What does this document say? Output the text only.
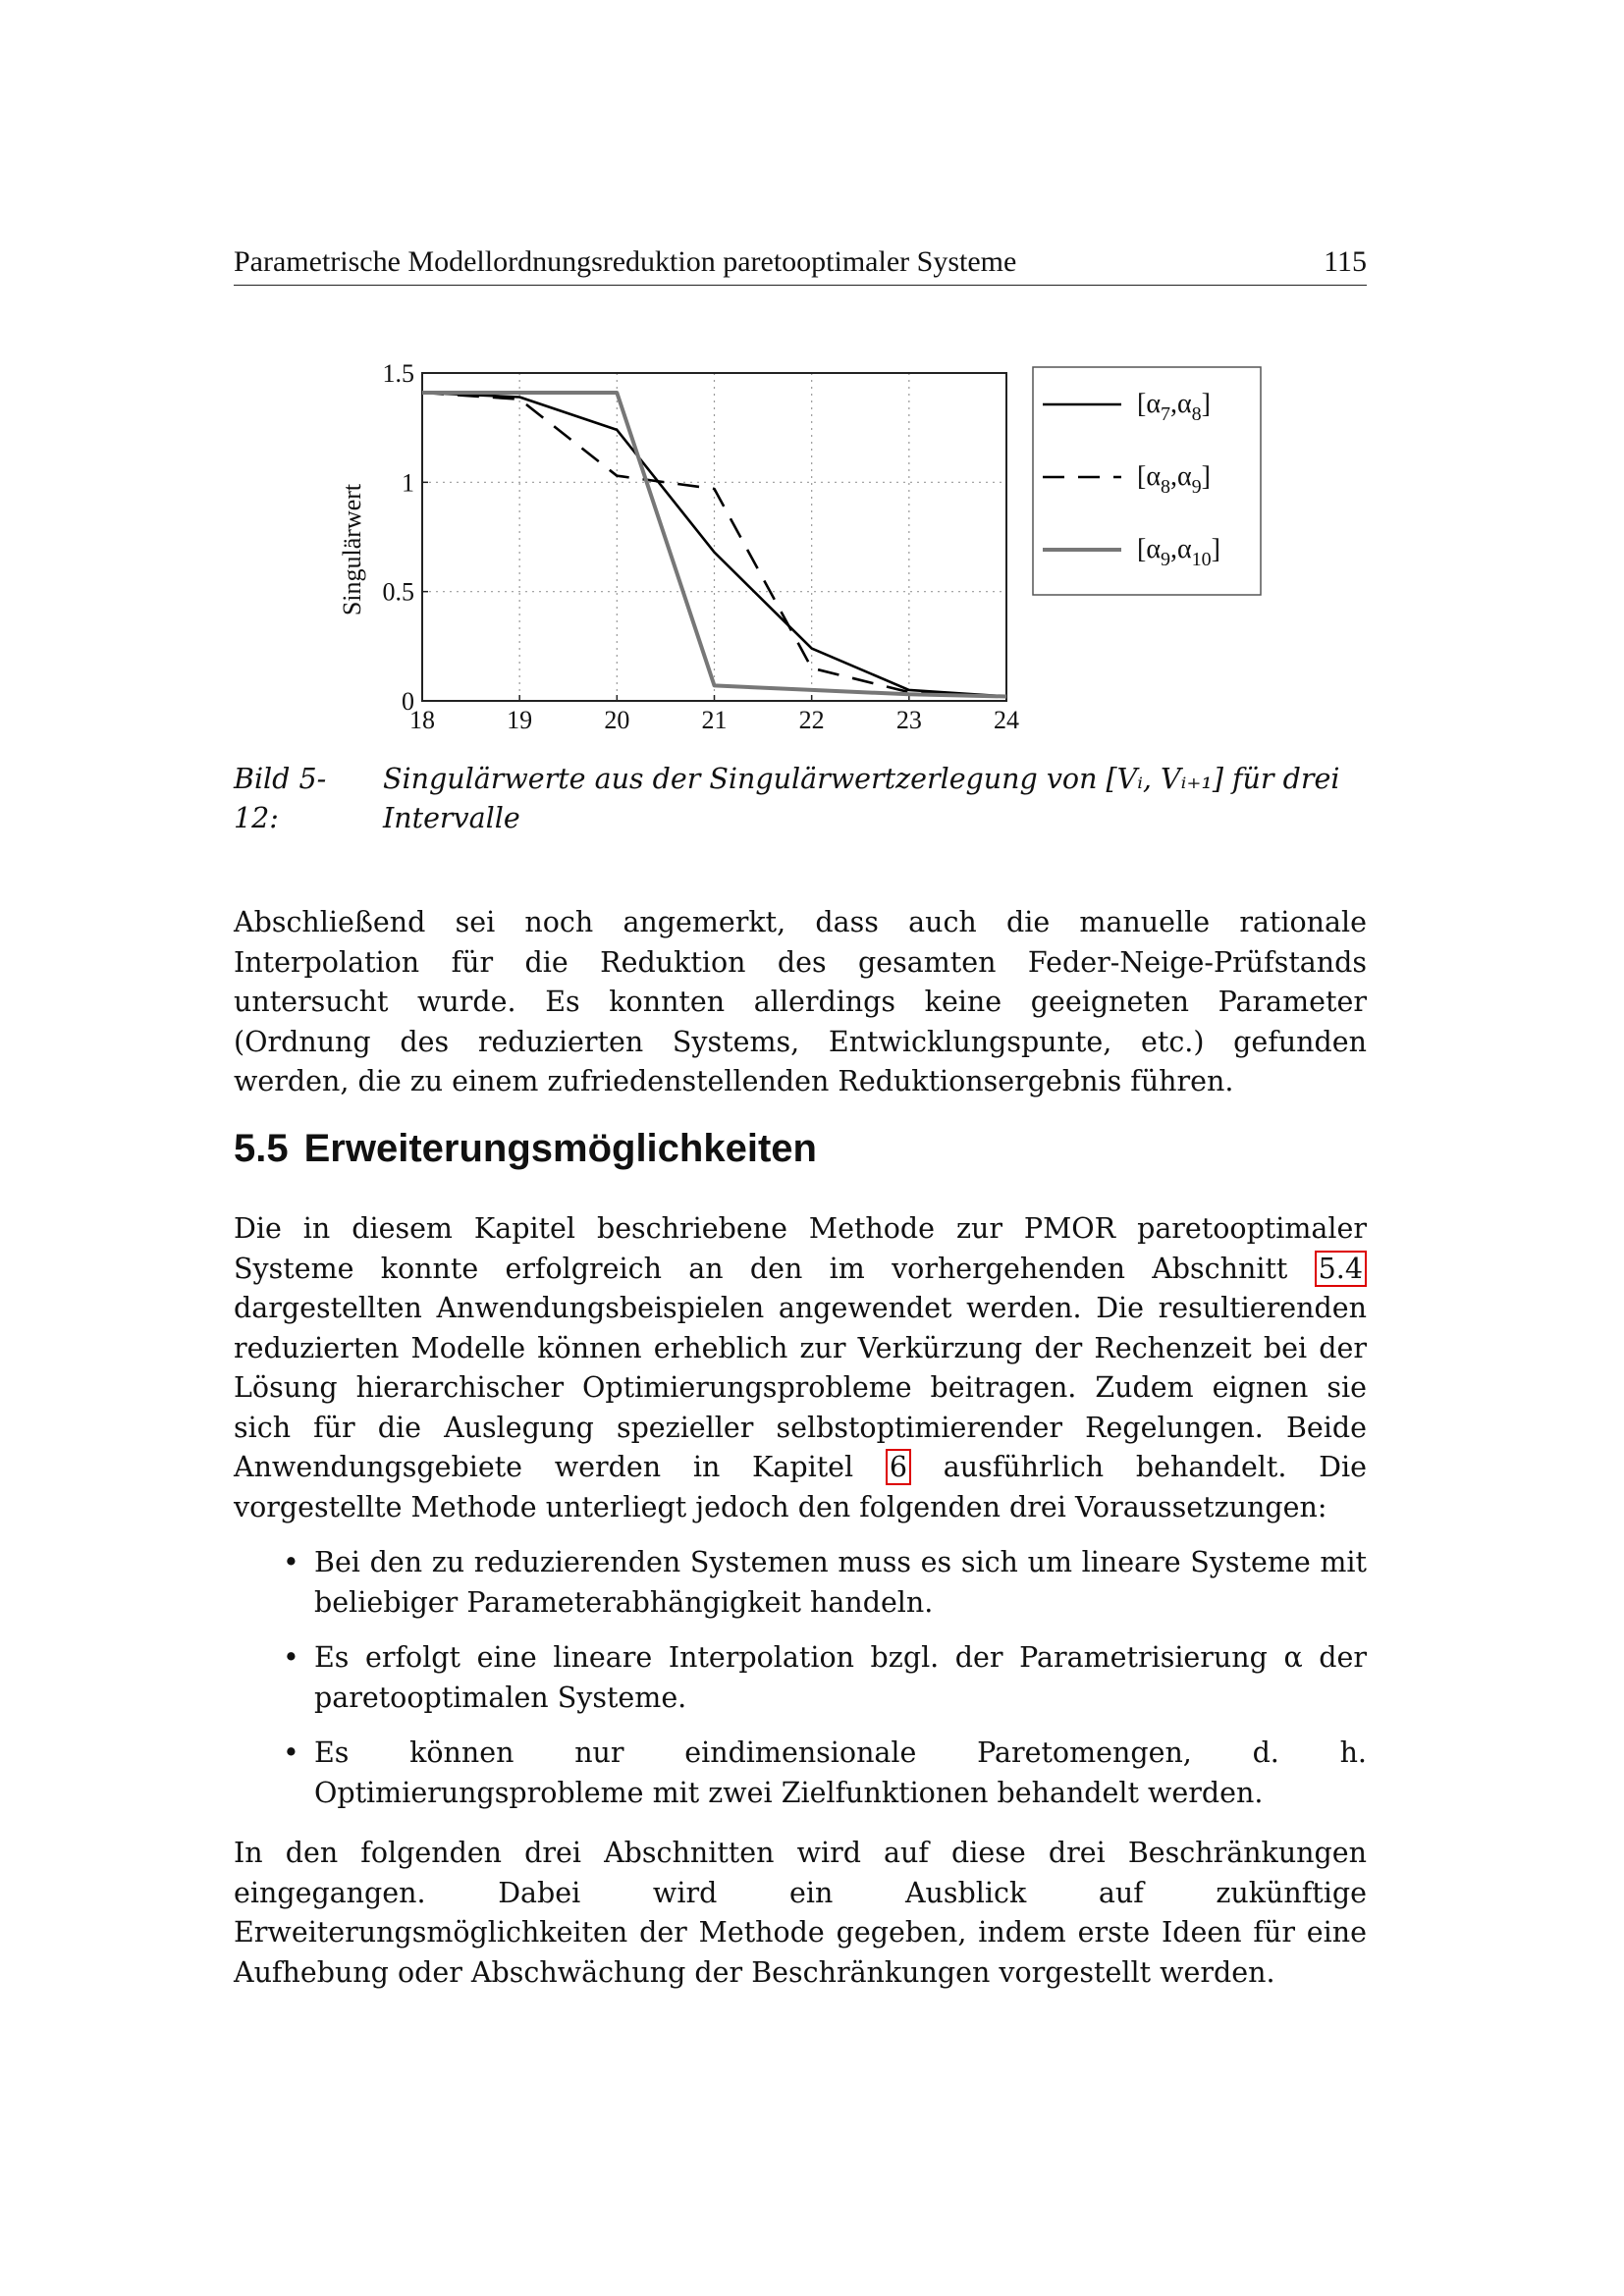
Parametrische Modellordnungsreduktion paretooptimaler Systeme	115
Singulärwert
18	19	20	21	22	23	24
0
0.5
1
1.5
$[\alpha_7,\alpha_8]$
$[\alpha_8,\alpha_9]$
$[\alpha_9,\alpha_{10}]$
Bild 5-12:
Singulärwerte aus der Singulärwertzerlegung von [Vᵢ, Vᵢ₊₁] für drei Intervalle

Abschließend sei noch angemerkt, dass auch die manuelle rationale Interpolation für die Reduktion des gesamten Feder-Neige-Prüfstands untersucht wurde. Es konnten allerdings keine geeigneten Parameter (Ordnung des reduzierten Systems, Entwicklungspunte, etc.) gefunden werden, die zu einem zufriedenstellenden Reduktionsergebnis führen.

5.5 Erweiterungsmöglichkeiten

Die in diesem Kapitel beschriebene Methode zur PMOR paretooptimaler Systeme konnte erfolgreich an den im vorhergehenden Abschnitt 5.4 dargestellten Anwendungsbeispielen angewendet werden. Die resultierenden reduzierten Modelle können erheblich zur Verkürzung der Rechenzeit bei der Lösung hierarchischer Optimierungsprobleme beitragen. Zudem eignen sie sich für die Auslegung spezieller selbstoptimierender Regelungen. Beide Anwendungsgebiete werden in Kapitel 6 ausführlich behandelt. Die vorgestellte Methode unterliegt jedoch den folgenden drei Voraussetzungen:

• Bei den zu reduzierenden Systemen muss es sich um lineare Systeme mit beliebiger Parameterabhängigkeit handeln.
• Es erfolgt eine lineare Interpolation bzgl. der Parametrisierung α der paretooptimalen Systeme.
• Es können nur eindimensionale Paretomengen, d. h. Optimierungsprobleme mit zwei Zielfunktionen behandelt werden.

In den folgenden drei Abschnitten wird auf diese drei Beschränkungen eingegangen. Dabei wird ein Ausblick auf zukünftige Erweiterungsmöglichkeiten der Methode gegeben, indem erste Ideen für eine Aufhebung oder Abschwächung der Beschränkungen vorgestellt werden.
